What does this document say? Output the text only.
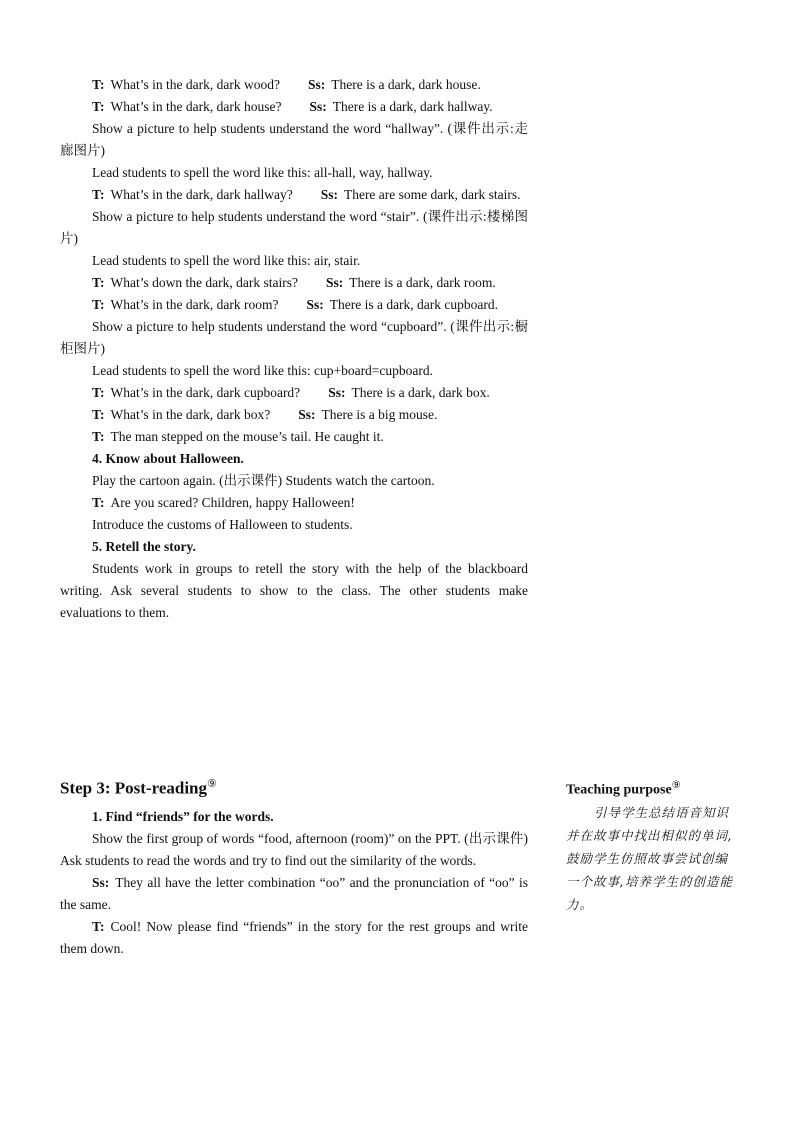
T: What’s in the dark, dark wood? Ss: There is a dark, dark house.

T: What’s in the dark, dark house? Ss: There is a dark, dark hallway.

Show a picture to help students understand the word “hallway”. (课件出示:走廊图片)

Lead students to spell the word like this: all-hall, way, hallway.

T: What’s in the dark, dark hallway? Ss: There are some dark, dark stairs.

Show a picture to help students understand the word “stair”. (课件出示:楼梯图片)

Lead students to spell the word like this: air, stair.

T: What’s down the dark, dark stairs? Ss: There is a dark, dark room.

T: What’s in the dark, dark room? Ss: There is a dark, dark cupboard.

Show a picture to help students understand the word “cupboard”. (课件出示:橱柜图片)

Lead students to spell the word like this: cup+board=cupboard.

T: What’s in the dark, dark cupboard? Ss: There is a dark, dark box.

T: What’s in the dark, dark box? Ss: There is a big mouse.

T: The man stepped on the mouse’s tail. He caught it.

4. Know about Halloween.

Play the cartoon again. (出示课件) Students watch the cartoon.

T: Are you scared? Children, happy Halloween!

Introduce the customs of Halloween to students.

5. Retell the story.

Students work in groups to retell the story with the help of the blackboard writing. Ask several students to show to the class. The other students make evaluations to them.

Step 3: Post-reading⑨

1. Find “friends” for the words.

Show the first group of words “food, afternoon (room)” on the PPT. (出示课件) Ask students to read the words and try to find out the similarity of the words.

Ss: They all have the letter combination “oo” and the pronunciation of “oo” is the same.

T: Cool! Now please find “friends” in the story for the rest groups and write them down.

Teaching purpose⑨
引导学生总结语音知识并在故事中找出相似的单词,鼓励学生仿照故事尝试创编一个故事,培养学生的创造能力。
